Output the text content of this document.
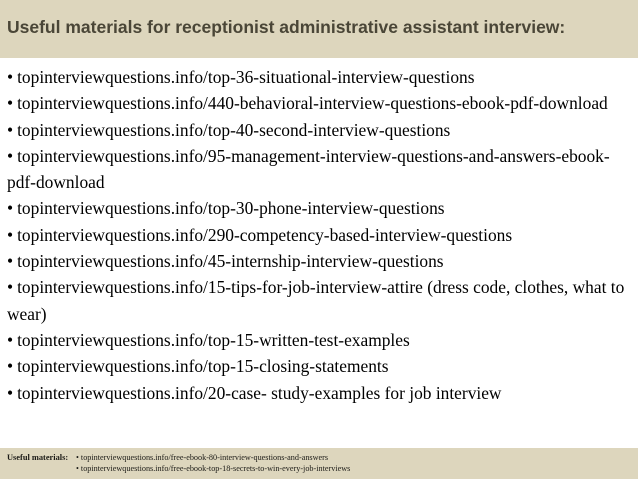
Useful materials for receptionist administrative assistant interview:
• topinterviewquestions.info/top-36-situational-interview-questions
• topinterviewquestions.info/440-behavioral-interview-questions-ebook-pdf-download
• topinterviewquestions.info/top-40-second-interview-questions
• topinterviewquestions.info/95-management-interview-questions-and-answers-ebook-pdf-download
• topinterviewquestions.info/top-30-phone-interview-questions
• topinterviewquestions.info/290-competency-based-interview-questions
• topinterviewquestions.info/45-internship-interview-questions
• topinterviewquestions.info/15-tips-for-job-interview-attire (dress code, clothes, what to wear)
• topinterviewquestions.info/top-15-written-test-examples
• topinterviewquestions.info/top-15-closing-statements
• topinterviewquestions.info/20-case- study-examples for job interview
Useful materials: • topinterviewquestions.info/free-ebook-80-interview-questions-and-answers
• topinterviewquestions.info/free-ebook-top-18-secrets-to-win-every-job-interviews
